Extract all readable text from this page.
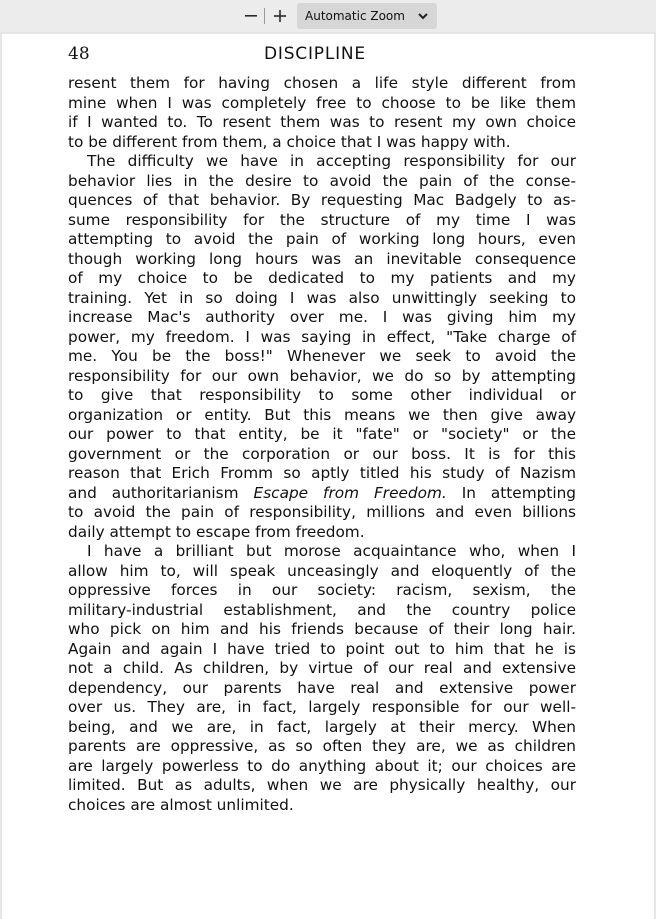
Automatic Zoom
48	DISCIPLINE

resent them for having chosen a life style different from
mine when I was completely free to choose to be like them
if I wanted to. To resent them was to resent my own choice
to be different from them, a choice that I was happy with.

The difficulty we have in accepting responsibility for our
behavior lies in the desire to avoid the pain of the conse-
quences of that behavior. By requesting Mac Badgely to as-
sume responsibility for the structure of my time I was
attempting to avoid the pain of working long hours, even
though working long hours was an inevitable consequence
of my choice to be dedicated to my patients and my
training. Yet in so doing I was also unwittingly seeking to
increase Mac's authority over me. I was giving him my
power, my freedom. I was saying in effect, "Take charge of
me. You be the boss!" Whenever we seek to avoid the
responsibility for our own behavior, we do so by attempting
to give that responsibility to some other individual or
organization or entity. But this means we then give away
our power to that entity, be it "fate" or "society" or the
government or the corporation or our boss. It is for this
reason that Erich Fromm so aptly titled his study of Nazism
and authoritarianism Escape from Freedom. In attempting
to avoid the pain of responsibility, millions and even billions
daily attempt to escape from freedom.

I have a brilliant but morose acquaintance who, when I
allow him to, will speak unceasingly and eloquently of the
oppressive forces in our society: racism, sexism, the
military-industrial establishment, and the country police
who pick on him and his friends because of their long hair.
Again and again I have tried to point out to him that he is
not a child. As children, by virtue of our real and extensive
dependency, our parents have real and extensive power
over us. They are, in fact, largely responsible for our well-
being, and we are, in fact, largely at their mercy. When
parents are oppressive, as so often they are, we as children
are largely powerless to do anything about it; our choices are
limited. But as adults, when we are physically healthy, our
choices are almost unlimited.
